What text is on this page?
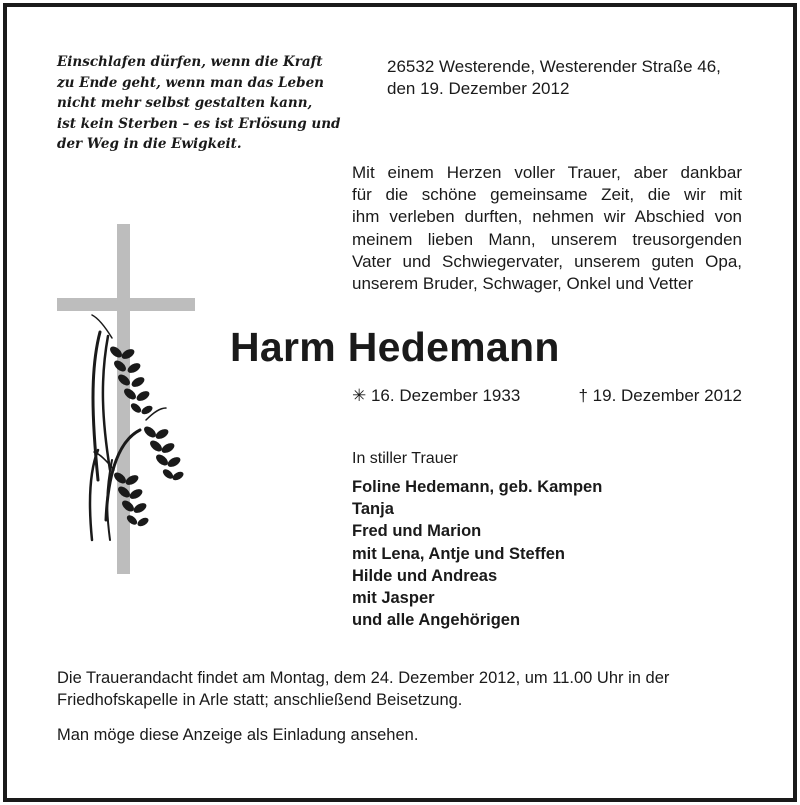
Einschlafen dürfen, wenn die Kraft
zu Ende geht, wenn man das Leben
nicht mehr selbst gestalten kann,
ist kein Sterben – es ist Erlösung und
der Weg in die Ewigkeit.
26532 Westerende, Westerender Straße 46,
den 19. Dezember 2012
Mit einem Herzen voller Trauer, aber dankbar
für die schöne gemeinsame Zeit, die wir mit
ihm verleben durften, nehmen wir Abschied von
meinem lieben Mann, unserem treusorgenden
Vater und Schwiegervater, unserem guten Opa,
unserem Bruder, Schwager, Onkel und Vetter
Harm Hedemann
✳ 16. Dezember 1933	† 19. Dezember 2012
In stiller Trauer
Foline Hedemann, geb. Kampen
Tanja
Fred und Marion
mit Lena, Antje und Steffen
Hilde und Andreas
mit Jasper
und alle Angehörigen
Die Trauerandacht findet am Montag, dem 24. Dezember 2012, um 11.00 Uhr in der Friedhofskapelle in Arle statt; anschließend Beisetzung.
Man möge diese Anzeige als Einladung ansehen.
